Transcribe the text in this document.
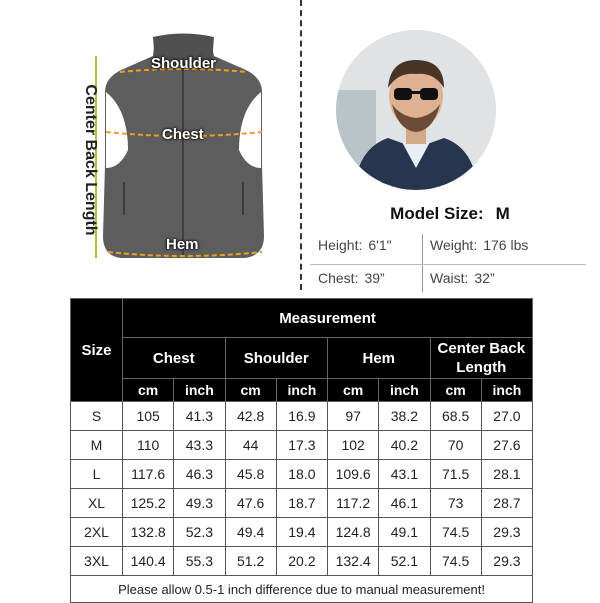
Center Back Length
Shoulder
Chest
Hem
Model Size: M
Height: 6'1"	Weight: 176 lbs
Chest: 39”	Waist: 32”
Size	Measurement							
	Chest		Shoulder		Hem		Center Back Length	
	cm	inch	cm	inch	cm	inch	cm	inch
S	105	41.3	42.8	16.9	97	38.2	68.5	27.0
M	110	43.3	44	17.3	102	40.2	70	27.6
L	117.6	46.3	45.8	18.0	109.6	43.1	71.5	28.1
XL	125.2	49.3	47.6	18.7	117.2	46.1	73	28.7
2XL	132.8	52.3	49.4	19.4	124.8	49.1	74.5	29.3
3XL	140.4	55.3	51.2	20.2	132.4	52.1	74.5	29.3
Please allow 0.5-1 inch difference due to manual measurement!								
